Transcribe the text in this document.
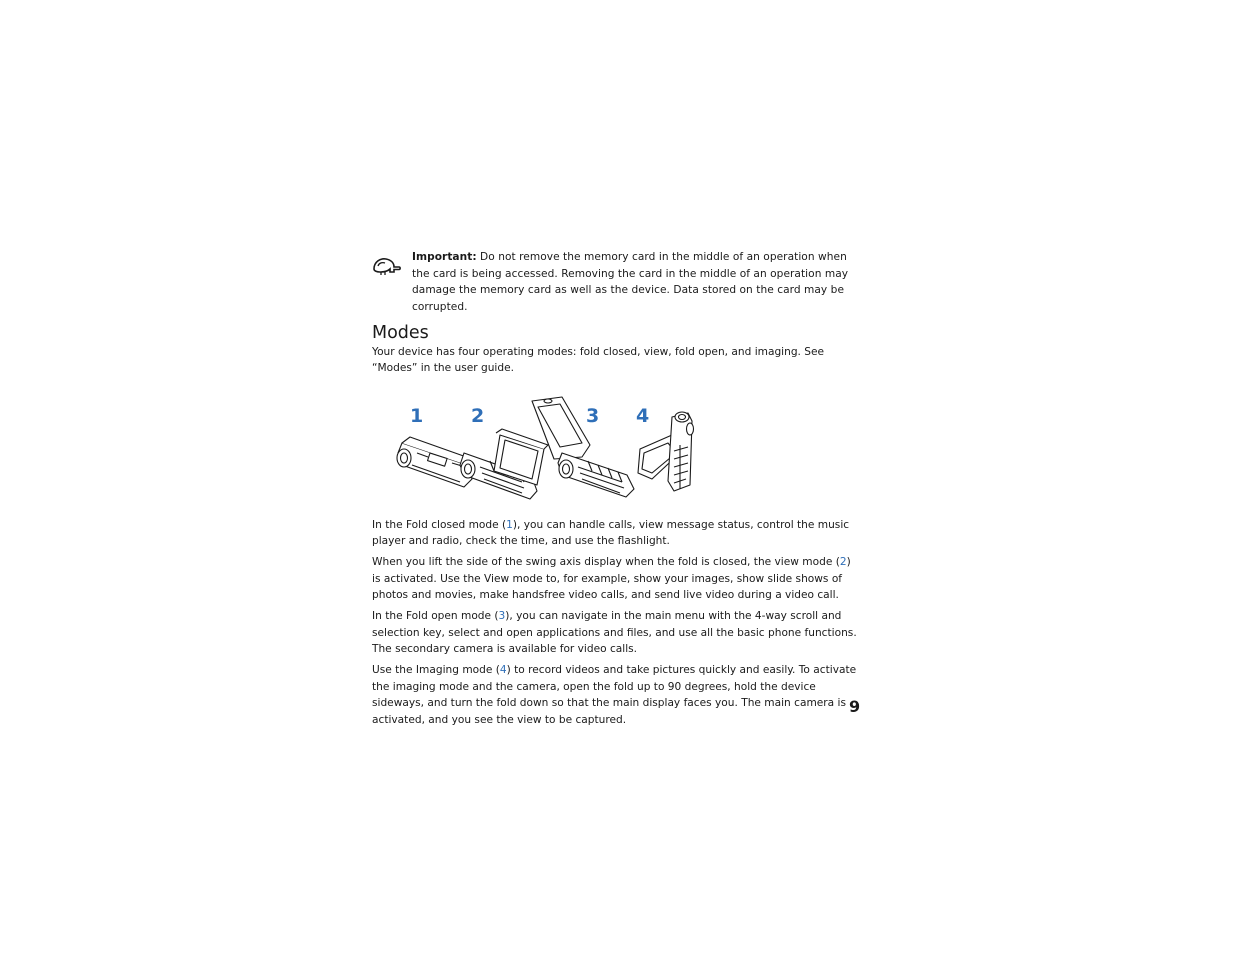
Important: Do not remove the memory card in the middle of an operation when the card is being accessed. Removing the card in the middle of an operation may damage the memory card as well as the device. Data stored on the card may be corrupted.
Modes

Your device has four operating modes: fold closed, view, fold open, and imaging. See “Modes” in the user guide.

1	2	3 4

In the Fold closed mode (1), you can handle calls, view message status, control the music player and radio, check the time, and use the flashlight.

When you lift the side of the swing axis display when the fold is closed, the view mode (2) is activated. Use the View mode to, for example, show your images, show slide shows of photos and movies, make handsfree video calls, and send live video during a video call.

In the Fold open mode (3), you can navigate in the main menu with the 4-way scroll and selection key, select and open applications and files, and use all the basic phone functions. The secondary camera is available for video calls.

Use the Imaging mode (4) to record videos and take pictures quickly and easily. To activate the imaging mode and the camera, open the fold up to 90 degrees, hold the device sideways, and turn the fold down so that the main display faces you. The main camera is activated, and you see the view to be captured.

9
